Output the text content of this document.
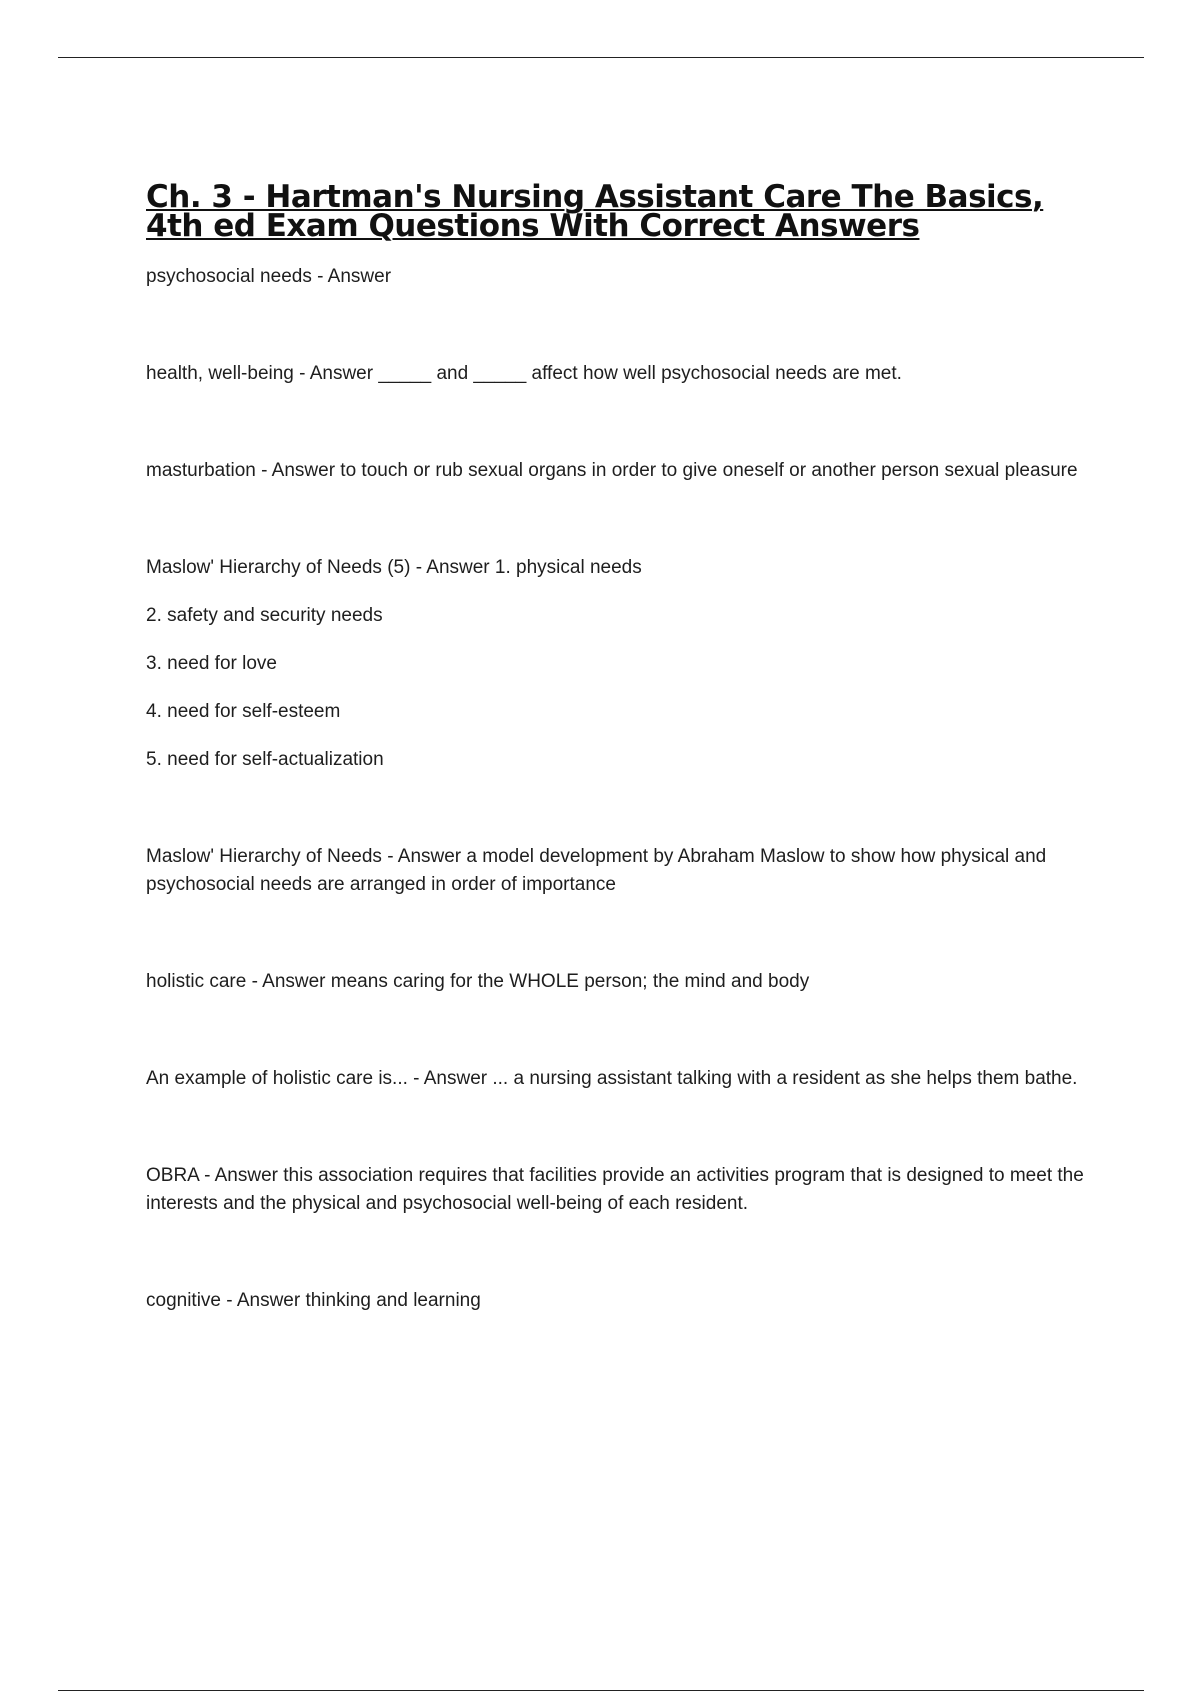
Ch. 3 - Hartman's Nursing Assistant Care The Basics, 4th ed Exam Questions With Correct Answers

psychosocial needs - Answer

health, well-being - Answer _____ and _____ affect how well psychosocial needs are met.

masturbation - Answer to touch or rub sexual organs in order to give oneself or another person sexual pleasure

Maslow' Hierarchy of Needs (5) - Answer 1. physical needs

2. safety and security needs

3. need for love

4. need for self-esteem

5. need for self-actualization

Maslow' Hierarchy of Needs - Answer a model development by Abraham Maslow to show how physical and psychosocial needs are arranged in order of importance

holistic care - Answer means caring for the WHOLE person; the mind and body

An example of holistic care is... - Answer ... a nursing assistant talking with a resident as she helps them bathe.

OBRA - Answer this association requires that facilities provide an activities program that is designed to meet the interests and the physical and psychosocial well-being of each resident.

cognitive - Answer thinking and learning
